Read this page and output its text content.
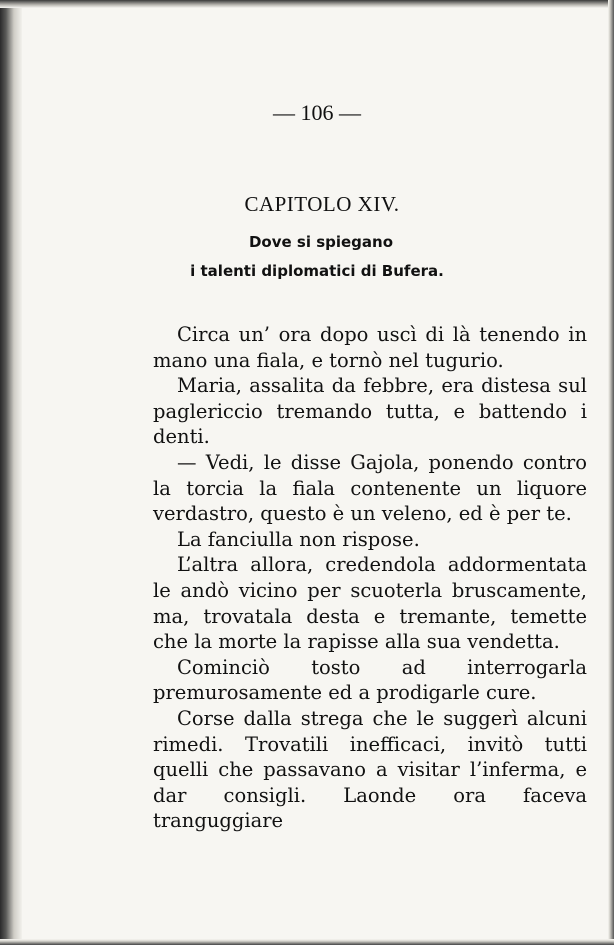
— 106 —
CAPITOLO XIV.
Dove si spiegano
i talenti diplomatici di Bufera.

Circa un’ ora dopo uscì di là tenendo in mano una fiala, e tornò nel tugurio.

Maria, assalita da febbre, era distesa sul paglericcio tremando tutta, e battendo i denti.

— Vedi, le disse Gajola, ponendo contro la torcia la fiala contenente un liquore verdastro, questo è un veleno, ed è per te.

La fanciulla non rispose.

L’altra allora, credendola addormentata le andò vicino per scuoterla bruscamente, ma, trovatala desta e tremante, temette che la morte la rapisse alla sua vendetta.

Cominciò tosto ad interrogarla premurosamente ed a prodigarle cure.

Corse dalla strega che le suggerì alcuni rimedi. Trovatili inefficaci, invitò tutti quelli che passavano a visitar l’inferma, e dar consigli. Laonde ora faceva tranguggiare
